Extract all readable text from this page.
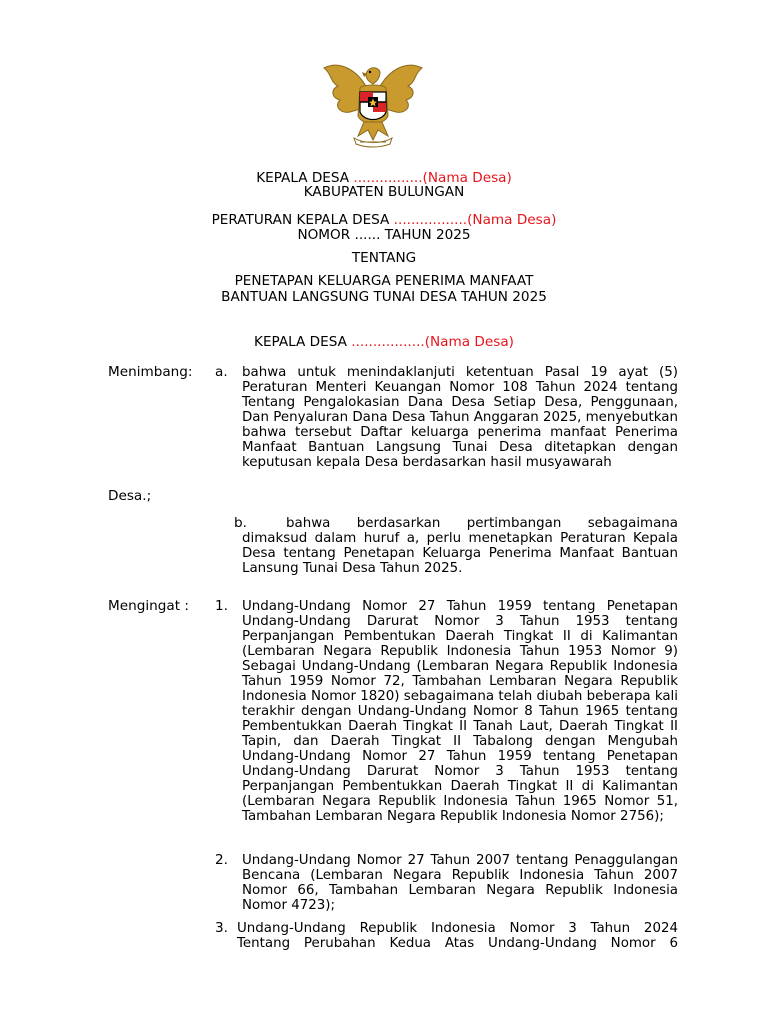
KEPALA DESA ................(Nama Desa)
KABUPATEN BULUNGAN
PERATURAN KEPALA DESA .................(Nama Desa)
NOMOR ...... TAHUN 2025
TENTANG
PENETAPAN KELUARGA PENERIMA MANFAAT
BANTUAN LANGSUNG TUNAI DESA TAHUN 2025
KEPALA DESA .................(Nama Desa)
Menimbang: a. bahwa untuk menindaklanjuti ketentuan Pasal 19 ayat (5) Peraturan Menteri Keuangan Nomor 108 Tahun 2024 tentang Tentang Pengalokasian Dana Desa Setiap Desa, Penggunaan, Dan Penyaluran Dana Desa Tahun Anggaran 2025, menyebutkan bahwa tersebut Daftar keluarga penerima manfaat Penerima Manfaat Bantuan Langsung Tunai Desa ditetapkan dengan keputusan kepala Desa berdasarkan hasil musyawarah
Desa.;
b.	bahwa berdasarkan pertimbangan sebagaimana dimaksud dalam huruf a, perlu menetapkan Peraturan Kepala Desa tentang Penetapan Keluarga Penerima Manfaat Bantuan Lansung Tunai Desa Tahun 2025.
Mengingat : 1. Undang-Undang Nomor 27 Tahun 1959 tentang Penetapan Undang-Undang Darurat Nomor 3 Tahun 1953 tentang Perpanjangan Pembentukan Daerah Tingkat II di Kalimantan (Lembaran Negara Republik Indonesia Tahun 1953 Nomor 9) Sebagai Undang-Undang (Lembaran Negara Republik Indonesia Tahun 1959 Nomor 72, Tambahan Lembaran Negara Republik Indonesia Nomor 1820) sebagaimana telah diubah beberapa kali terakhir dengan Undang-Undang Nomor 8 Tahun 1965 tentang Pembentukkan Daerah Tingkat II Tanah Laut, Daerah Tingkat II Tapin, dan Daerah Tingkat II Tabalong dengan Mengubah Undang-Undang Nomor 27 Tahun 1959 tentang Penetapan Undang-Undang Darurat Nomor 3 Tahun 1953 tentang Perpanjangan Pembentukkan Daerah Tingkat II di Kalimantan (Lembaran Negara Republik Indonesia Tahun 1965 Nomor 51, Tambahan Lembaran Negara Republik Indonesia Nomor 2756);
2. Undang-Undang Nomor 27 Tahun 2007 tentang Penaggulangan Bencana (Lembaran Negara Republik Indonesia Tahun 2007 Nomor 66, Tambahan Lembaran Negara Republik Indonesia Nomor 4723);
3. Undang-Undang Republik Indonesia Nomor 3 Tahun 2024 Tentang Perubahan Kedua Atas Undang-Undang Nomor 6
